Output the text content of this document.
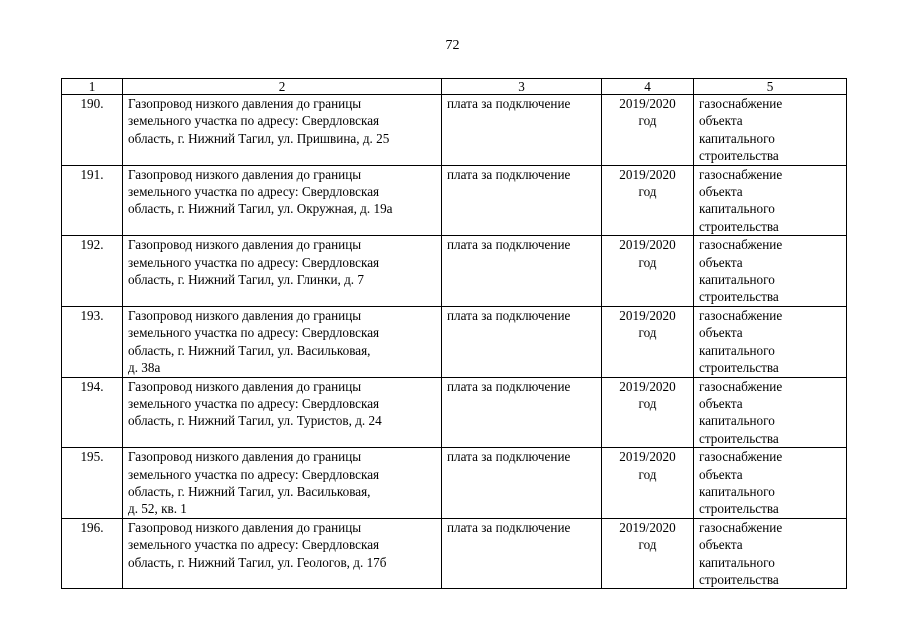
72
1	2	3	4	5
190.	Газопровод низкого давления до границы
земельного участка по адресу: Свердловская
область, г. Нижний Тагил, ул. Пришвина, д. 25	плата за подключение	2019/2020
год	газоснабжение
объекта
капитального
строительства

191.	Газопровод низкого давления до границы
земельного участка по адресу: Свердловская
область, г. Нижний Тагил, ул. Окружная, д. 19а	плата за подключение	2019/2020
год	газоснабжение
объекта
капитального
строительства

192.	Газопровод низкого давления до границы
земельного участка по адресу: Свердловская
область, г. Нижний Тагил, ул. Глинки, д. 7	плата за подключение	2019/2020
год	газоснабжение
объекта
капитального
строительства

193.	Газопровод низкого давления до границы
земельного участка по адресу: Свердловская
область, г. Нижний Тагил, ул. Васильковая,
д. 38а	плата за подключение	2019/2020
год	газоснабжение
объекта
капитального
строительства

194.	Газопровод низкого давления до границы
земельного участка по адресу: Свердловская
область, г. Нижний Тагил, ул. Туристов, д. 24	плата за подключение	2019/2020
год	газоснабжение
объекта
капитального
строительства

195.	Газопровод низкого давления до границы
земельного участка по адресу: Свердловская
область, г. Нижний Тагил, ул. Васильковая,
д. 52, кв. 1	плата за подключение	2019/2020
год	газоснабжение
объекта
капитального
строительства

196.	Газопровод низкого давления до границы
земельного участка по адресу: Свердловская
область, г. Нижний Тагил, ул. Геологов, д. 17б	плата за подключение	2019/2020
год	газоснабжение
объекта
капитального
строительства
